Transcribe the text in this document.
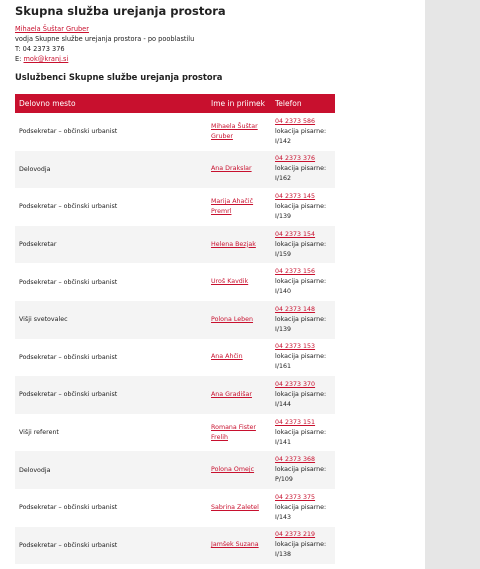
Skupna služba urejanja prostora
Mihaela Šuštar Gruber
vodja Skupne službe urejanja prostora - po pooblastilu
T: 04 2373 376
E: mok@kranj.si
Uslužbenci Skupne službe urejanja prostora
Delovno mesto	Ime in priimek	Telefon
Podsekretar – občinski urbanist	Mihaela Šuštar Gruber	04 2373 586
lokacija pisarne:
I/142
Delovodja	Ana Drakslar	04 2373 376
lokacija pisarne:
I/162
Podsekretar – občinski urbanist	Marija Ahačič Premrl	04 2373 145
lokacija pisarne:
I/139
Podsekretar	Helena Bezjak	04 2373 154
lokacija pisarne:
I/159
Podsekretar – občinski urbanist	Uroš Kavdik	04 2373 156
lokacija pisarne:
I/140
Višji svetovalec	Polona Leben	04 2373 148
lokacija pisarne:
I/139
Podsekretar – občinski urbanist	Ana Ahčin	04 2373 153
lokacija pisarne:
I/161
Podsekretar – občinski urbanist	Ana Gradišar	04 2373 370
lokacija pisarne:
I/144
Višji referent	Romana Fister Frelih	04 2373 151
lokacija pisarne:
I/141
Delovodja	Polona Omejc	04 2373 368
lokacija pisarne:
P/109
Podsekretar – občinski urbanist	Sabrina Zaletel	04 2373 375
lokacija pisarne:
I/143
Podsekretar – občinski urbanist	Jamšek Suzana	04 2373 219
lokacija pisarne:
I/138
